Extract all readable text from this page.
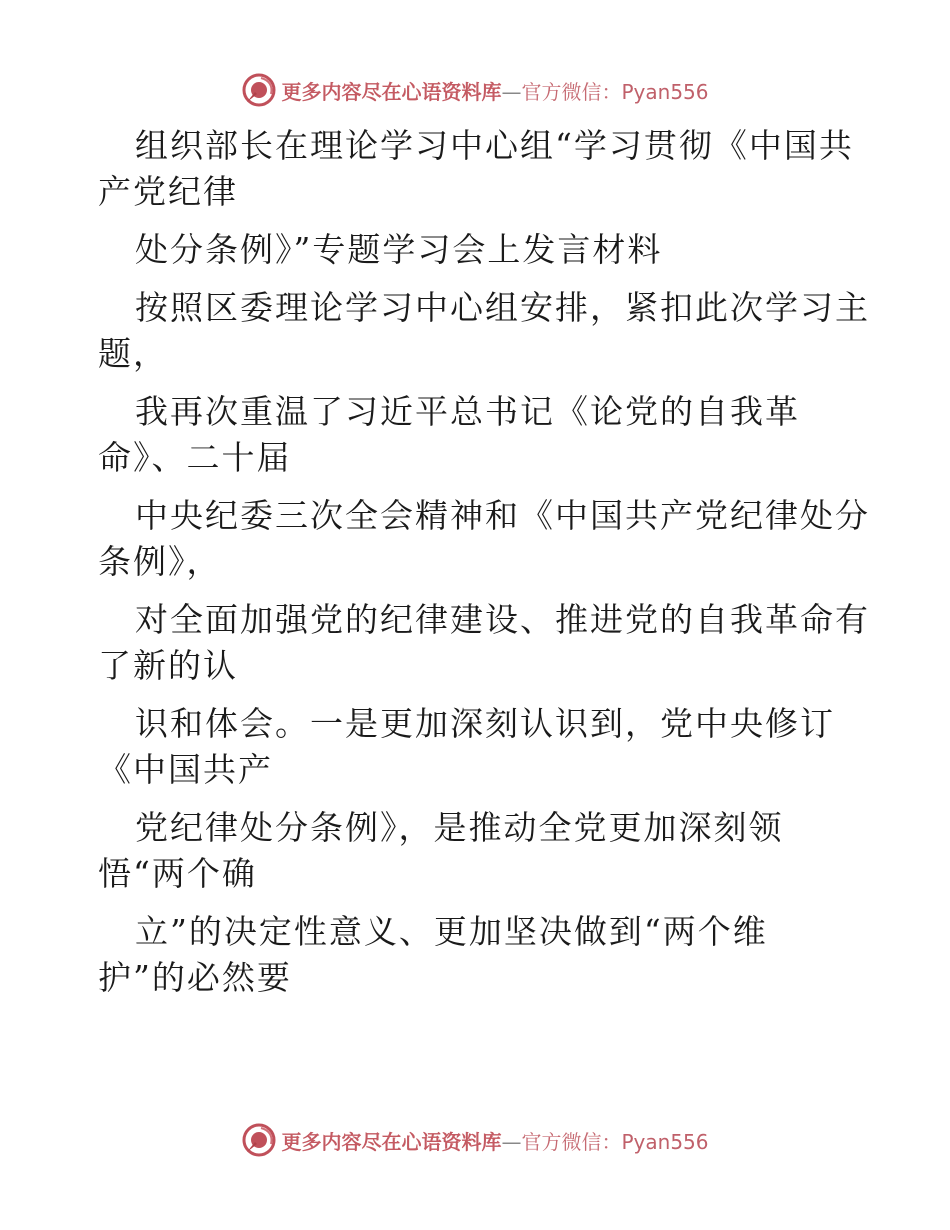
更多内容尽在心语资料库—官方微信：Pyan556
组织部长在理论学习中心组“学习贯彻《中国共
产党纪律
处分条例》”专题学习会上发言材料
按照区委理论学习中心组安排，紧扣此次学习主
题，
我再次重温了习近平总书记《论党的自我革
命》、二十届
中央纪委三次全会精神和《中国共产党纪律处分
条例》，
对全面加强党的纪律建设、推进党的自我革命有
了新的认
识和体会。一是更加深刻认识到，党中央修订
《中国共产
党纪律处分条例》，是推动全党更加深刻领
悟“两个确
立”的决定性意义、更加坚决做到“两个维
护”的必然要
更多内容尽在心语资料库—官方微信：Pyan556
